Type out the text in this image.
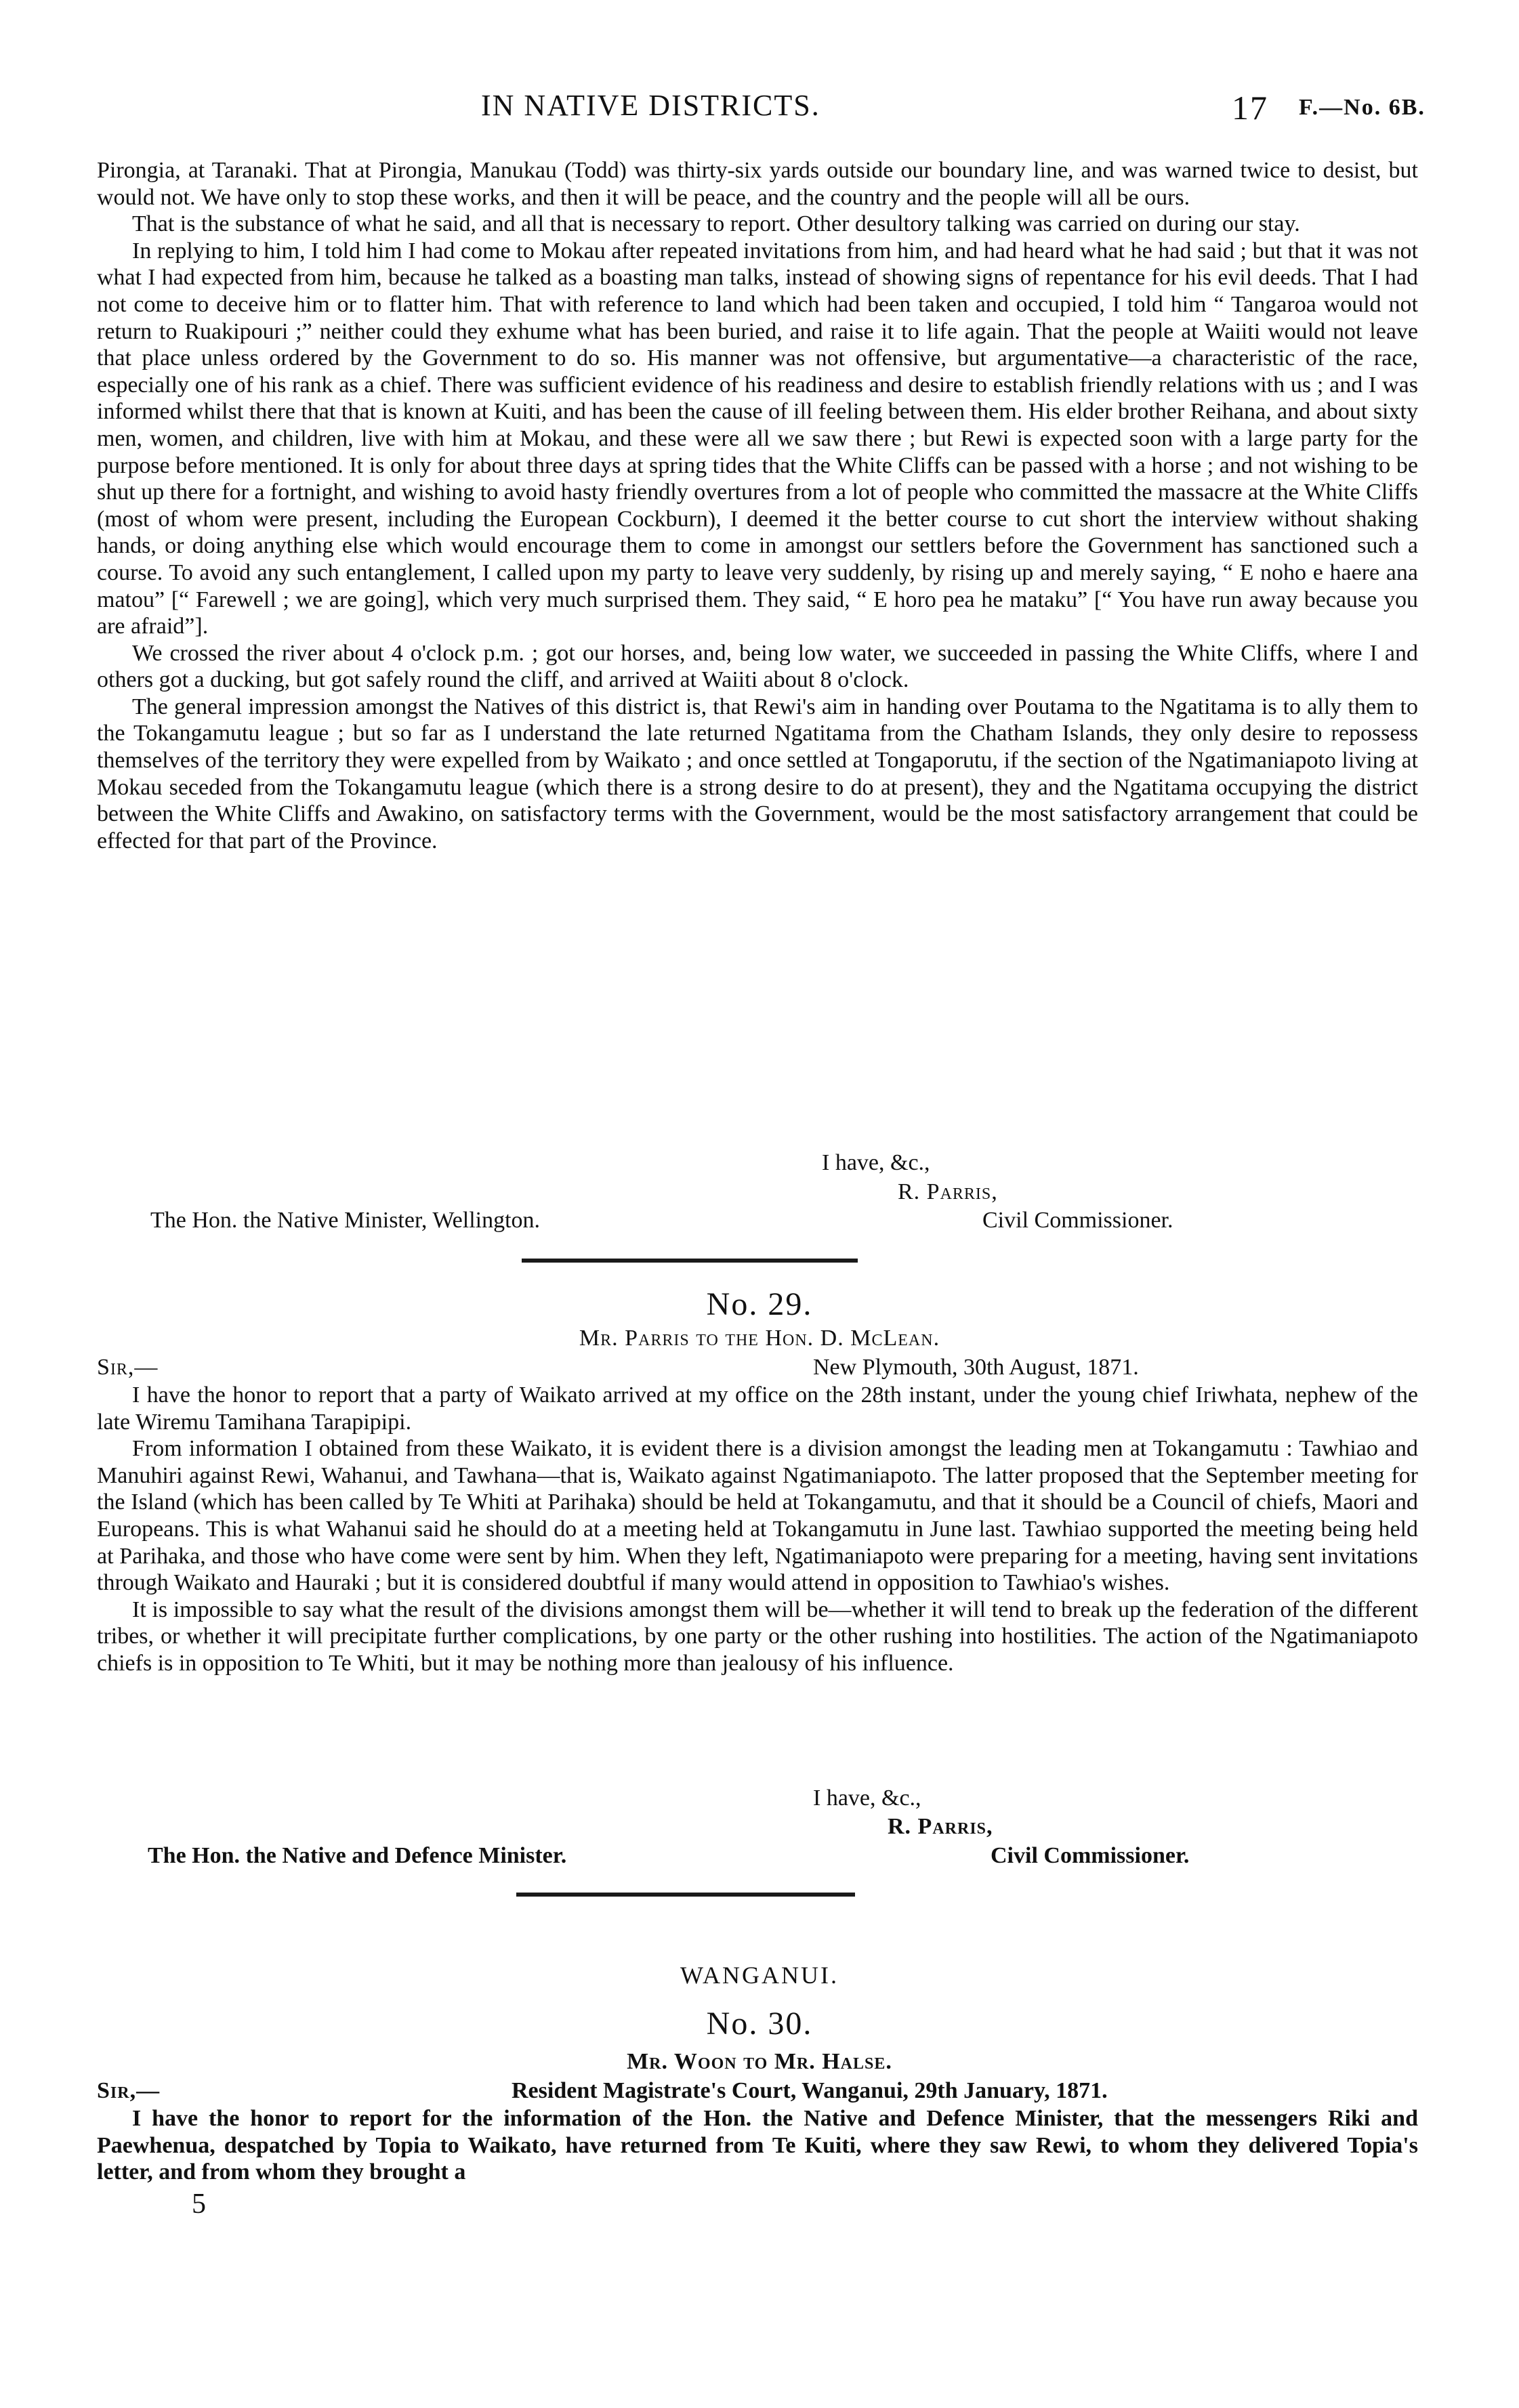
IN NATIVE DISTRICTS.	17 F.—No. 6B.

Pirongia, at Taranaki. That at Pirongia, Manukau (Todd) was thirty-six yards outside our boundary line, and was warned twice to desist, but would not. We have only to stop these works, and then it will be peace, and the country and the people will all be ours.

That is the substance of what he said, and all that is necessary to report. Other desultory talking was carried on during our stay.

In replying to him, I told him I had come to Mokau after repeated invitations from him, and had heard what he had said ; but that it was not what I had expected from him, because he talked as a boasting man talks, instead of showing signs of repentance for his evil deeds. That I had not come to deceive him or to flatter him. That with reference to land which had been taken and occupied, I told him “ Tangaroa would not return to Ruakipouri ;” neither could they exhume what has been buried, and raise it to life again. That the people at Waiiti would not leave that place unless ordered by the Government to do so. His manner was not offensive, but argumentative—a characteristic of the race, especially one of his rank as a chief. There was sufficient evidence of his readiness and desire to establish friendly relations with us ; and I was informed whilst there that that is known at Kuiti, and has been the cause of ill feeling between them. His elder brother Reihana, and about sixty men, women, and children, live with him at Mokau, and these were all we saw there ; but Rewi is expected soon with a large party for the purpose before mentioned. It is only for about three days at spring tides that the White Cliffs can be passed with a horse ; and not wishing to be shut up there for a fortnight, and wishing to avoid hasty friendly overtures from a lot of people who committed the massacre at the White Cliffs (most of whom were present, including the European Cockburn), I deemed it the better course to cut short the interview without shaking hands, or doing anything else which would encourage them to come in amongst our settlers before the Government has sanctioned such a course. To avoid any such entanglement, I called upon my party to leave very suddenly, by rising up and merely saying, “ E noho e haere ana matou” [“ Farewell ; we are going], which very much surprised them. They said, “ E horo pea he mataku” [“ You have run away because you are afraid”].

We crossed the river about 4 o'clock p.m. ; got our horses, and, being low water, we succeeded in passing the White Cliffs, where I and others got a ducking, but got safely round the cliff, and arrived at Waiiti about 8 o'clock.

The general impression amongst the Natives of this district is, that Rewi's aim in handing over Poutama to the Ngatitama is to ally them to the Tokangamutu league ; but so far as I understand the late returned Ngatitama from the Chatham Islands, they only desire to repossess themselves of the territory they were expelled from by Waikato ; and once settled at Tongaporutu, if the section of the Ngatimaniapoto living at Mokau seceded from the Tokangamutu league (which there is a strong desire to do at present), they and the Ngatitama occupying the district between the White Cliffs and Awakino, on satisfactory terms with the Government, would be the most satisfactory arrangement that could be effected for that part of the Province.

I have, &c.,
R. Parris,
The Hon. the Native Minister, Wellington.	Civil Commissioner.
No. 29.
Mr. Parris to the Hon. D. McLean.
Sir,—	New Plymouth, 30th August, 1871.

I have the honor to report that a party of Waikato arrived at my office on the 28th instant, under the young chief Iriwhata, nephew of the late Wiremu Tamihana Tarapipipi.

From information I obtained from these Waikato, it is evident there is a division amongst the leading men at Tokangamutu : Tawhiao and Manuhiri against Rewi, Wahanui, and Tawhana—that is, Waikato against Ngatimaniapoto. The latter proposed that the September meeting for the Island (which has been called by Te Whiti at Parihaka) should be held at Tokangamutu, and that it should be a Council of chiefs, Maori and Europeans. This is what Wahanui said he should do at a meeting held at Tokangamutu in June last. Tawhiao supported the meeting being held at Parihaka, and those who have come were sent by him. When they left, Ngatimaniapoto were preparing for a meeting, having sent invitations through Waikato and Hauraki ; but it is considered doubtful if many would attend in opposition to Tawhiao's wishes.

It is impossible to say what the result of the divisions amongst them will be—whether it will tend to break up the federation of the different tribes, or whether it will precipitate further complications, by one party or the other rushing into hostilities. The action of the Ngatimaniapoto chiefs is in opposition to Te Whiti, but it may be nothing more than jealousy of his influence.

I have, &c.,
R. Parris,
The Hon. the Native and Defence Minister.	Civil Commissioner.
WANGANUI.
No. 30.
Mr. Woon to Mr. Halse.
Sir,—	Resident Magistrate's Court, Wanganui, 29th January, 1871.

I have the honor to report for the information of the Hon. the Native and Defence Minister, that the messengers Riki and Paewhenua, despatched by Topia to Waikato, have returned from Te Kuiti, where they saw Rewi, to whom they delivered Topia's letter, and from whom they brought a

5
